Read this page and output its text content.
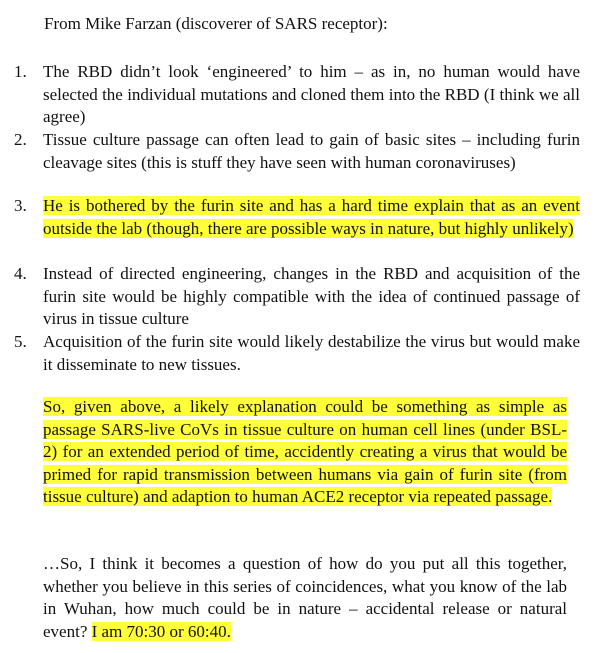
From Mike Farzan (discoverer of SARS receptor):
1. The RBD didn’t look ‘engineered’ to him – as in, no human would have selected the individual mutations and cloned them into the RBD (I think we all agree)
2. Tissue culture passage can often lead to gain of basic sites – including furin cleavage sites (this is stuff they have seen with human coronaviruses)
3. He is bothered by the furin site and has a hard time explain that as an event outside the lab (though, there are possible ways in nature, but highly unlikely)
4. Instead of directed engineering, changes in the RBD and acquisition of the furin site would be highly compatible with the idea of continued passage of virus in tissue culture
5. Acquisition of the furin site would likely destabilize the virus but would make it disseminate to new tissues.
So, given above, a likely explanation could be something as simple as passage SARS-live CoVs in tissue culture on human cell lines (under BSL-2) for an extended period of time, accidently creating a virus that would be primed for rapid transmission between humans via gain of furin site (from tissue culture) and adaption to human ACE2 receptor via repeated passage.
…So, I think it becomes a question of how do you put all this together, whether you believe in this series of coincidences, what you know of the lab in Wuhan, how much could be in nature – accidental release or natural event? I am 70:30 or 60:40.
